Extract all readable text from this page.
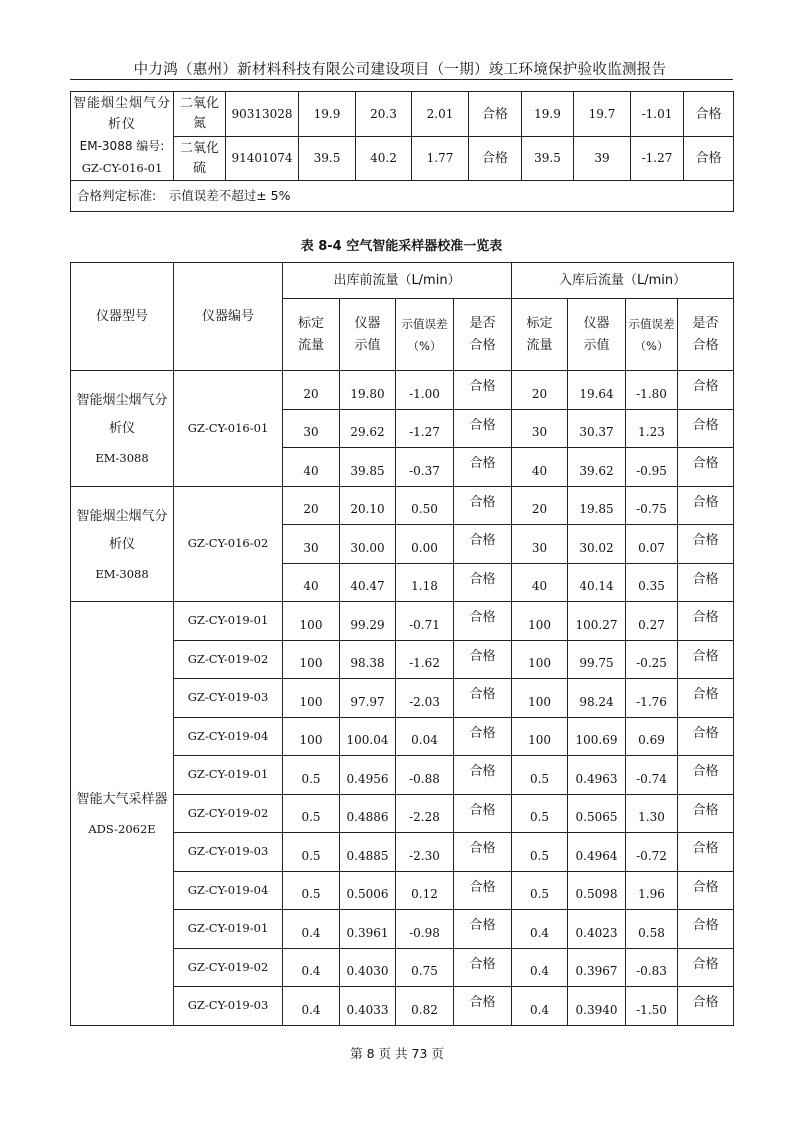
中力鸿（惠州）新材料科技有限公司建设项目（一期）竣工环境保护验收监测报告
智能烟尘烟气分析仪
EM-3088 编号:
GZ-CY-016-01	二氧化氮	90313028	19.9	20.3	2.01	合格	19.9	19.7	-1.01	合格
	二氧化硫	91401074	39.5	40.2	1.77	合格	39.5	39	-1.27	合格
合格判定标准:　示值误差不超过± 5%										
表 8-4 空气智能采样器校准一览表
仪器型号	仪器编号	出库前流量（L/min）				入库后流量（L/min）			
		标定流量	仪器示值	示值误差（%）	是否合格	标定流量	仪器示值	示值误差（%）	是否合格

智能烟尘烟气分析仪
EM-3088	GZ-CY-016-01	20	19.80	-1.00	合格	20	19.64	-1.80	合格
		30	29.62	-1.27	合格	30	30.37	1.23	合格
		40	39.85	-0.37	合格	40	39.62	-0.95	合格

智能烟尘烟气分析仪
EM-3088	GZ-CY-016-02	20	20.10	0.50	合格	20	19.85	-0.75	合格
		30	30.00	0.00	合格	30	30.02	0.07	合格
		40	40.47	1.18	合格	40	40.14	0.35	合格

智能大气采样器
ADS-2062E	GZ-CY-019-01	100	99.29	-0.71	合格	100	100.27	0.27	合格
	GZ-CY-019-02	100	98.38	-1.62	合格	100	99.75	-0.25	合格
	GZ-CY-019-03	100	97.97	-2.03	合格	100	98.24	-1.76	合格
	GZ-CY-019-04	100	100.04	0.04	合格	100	100.69	0.69	合格
	GZ-CY-019-01	0.5	0.4956	-0.88	合格	0.5	0.4963	-0.74	合格
	GZ-CY-019-02	0.5	0.4886	-2.28	合格	0.5	0.5065	1.30	合格
	GZ-CY-019-03	0.5	0.4885	-2.30	合格	0.5	0.4964	-0.72	合格
	GZ-CY-019-04	0.5	0.5006	0.12	合格	0.5	0.5098	1.96	合格
	GZ-CY-019-01	0.4	0.3961	-0.98	合格	0.4	0.4023	0.58	合格
	GZ-CY-019-02	0.4	0.4030	0.75	合格	0.4	0.3967	-0.83	合格
	GZ-CY-019-03	0.4	0.4033	0.82	合格	0.4	0.3940	-1.50	合格
第 8 页 共 73 页
